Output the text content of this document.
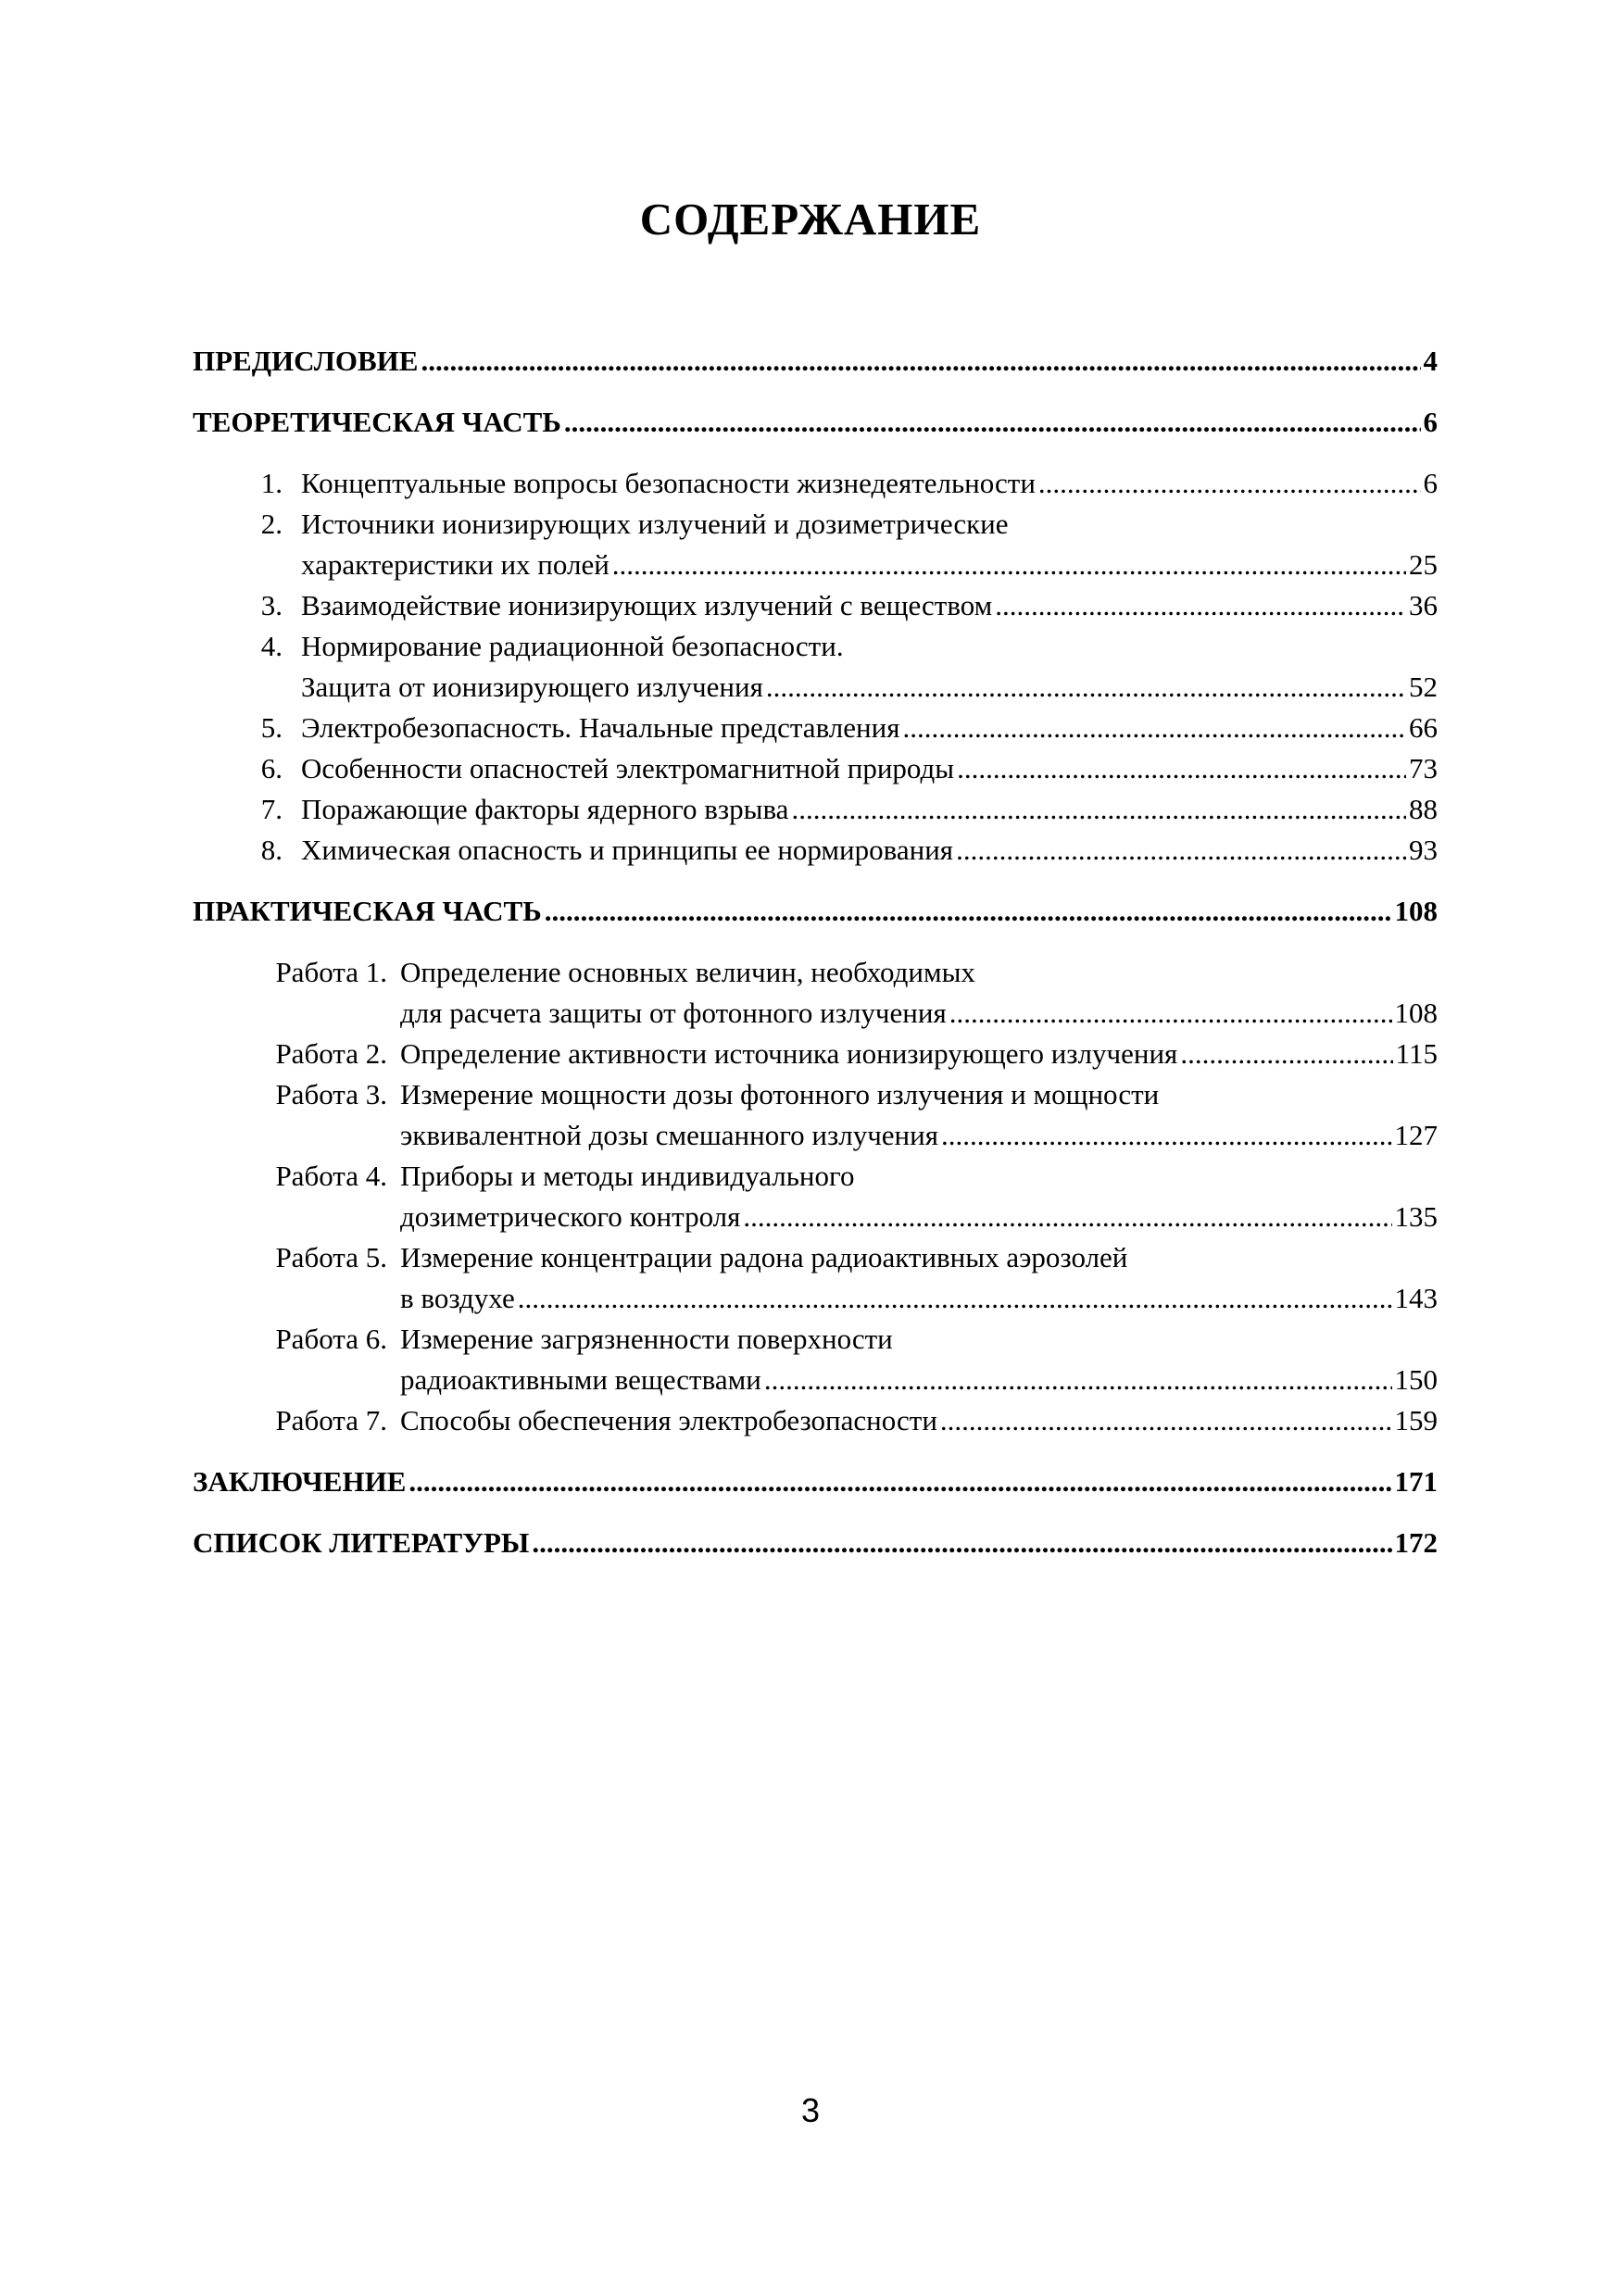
СОДЕРЖАНИЕ
ПРЕДИСЛОВИЕ .....	4
ТЕОРЕТИЧЕСКАЯ ЧАСТЬ .....	6
1. Концептуальные вопросы безопасности жизнедеятельности .....	6
2. Источники ионизирующих излучений и дозиметрические
характеристики их полей .....	25
3. Взаимодействие ионизирующих излучений с веществом .....	36
4. Нормирование радиационной безопасности.
Защита от ионизирующего излучения .....	52
5. Электробезопасность. Начальные представления .....	66
6. Особенности опасностей электромагнитной природы .....	73
7. Поражающие факторы ядерного взрыва .....	88
8. Химическая опасность и принципы ее нормирования .....	93
ПРАКТИЧЕСКАЯ ЧАСТЬ .....	108
Работа 1. Определение основных величин, необходимых
для расчета защиты от фотонного излучения .....	108
Работа 2. Определение активности источника ионизирующего излучения .....	115
Работа 3. Измерение мощности дозы фотонного излучения и мощности
эквивалентной дозы смешанного излучения .....	127
Работа 4. Приборы и методы индивидуального
дозиметрического контроля .....	135
Работа 5. Измерение концентрации радона радиоактивных аэрозолей
в воздухе .....	143
Работа 6. Измерение загрязненности поверхности
радиоактивными веществами .....	150
Работа 7. Способы обеспечения электробезопасности .....	159
ЗАКЛЮЧЕНИЕ .....	171
СПИСОК ЛИТЕРАТУРЫ .....	172
3
